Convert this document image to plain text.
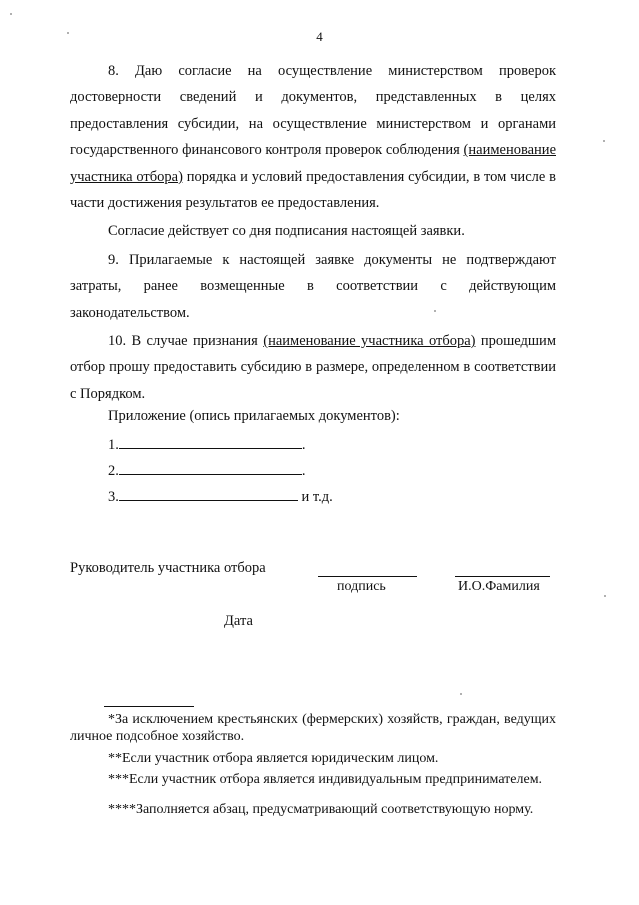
4

8. Даю согласие на осуществление министерством проверок достоверности сведений и документов, представленных в целях предоставления субсидии, на осуществление министерством и органами государственного финансового контроля проверок соблюдения (наименование участника отбора) порядка и условий предоставления субсидии, в том числе в части достижения результатов ее предоставления.

Согласие действует со дня подписания настоящей заявки.

9. Прилагаемые к настоящей заявке документы не подтверждают затраты, ранее возмещенные в соответствии с действующим законодательством.

10. В случае признания (наименование участника отбора) прошедшим отбор прошу предоставить субсидию в размере, определенном в соответствии с Порядком.

Приложение (опись прилагаемых документов):
1.	.
2.	.
3.	и т.д.
Руководитель участника отбора
подпись	И.О.Фамилия
Дата

*За исключением крестьянских (фермерских) хозяйств, граждан, ведущих личное подсобное хозяйство.

**Если участник отбора является юридическим лицом.

***Если участник отбора является индивидуальным предпринимателем.

****Заполняется абзац, предусматривающий соответствующую норму.
